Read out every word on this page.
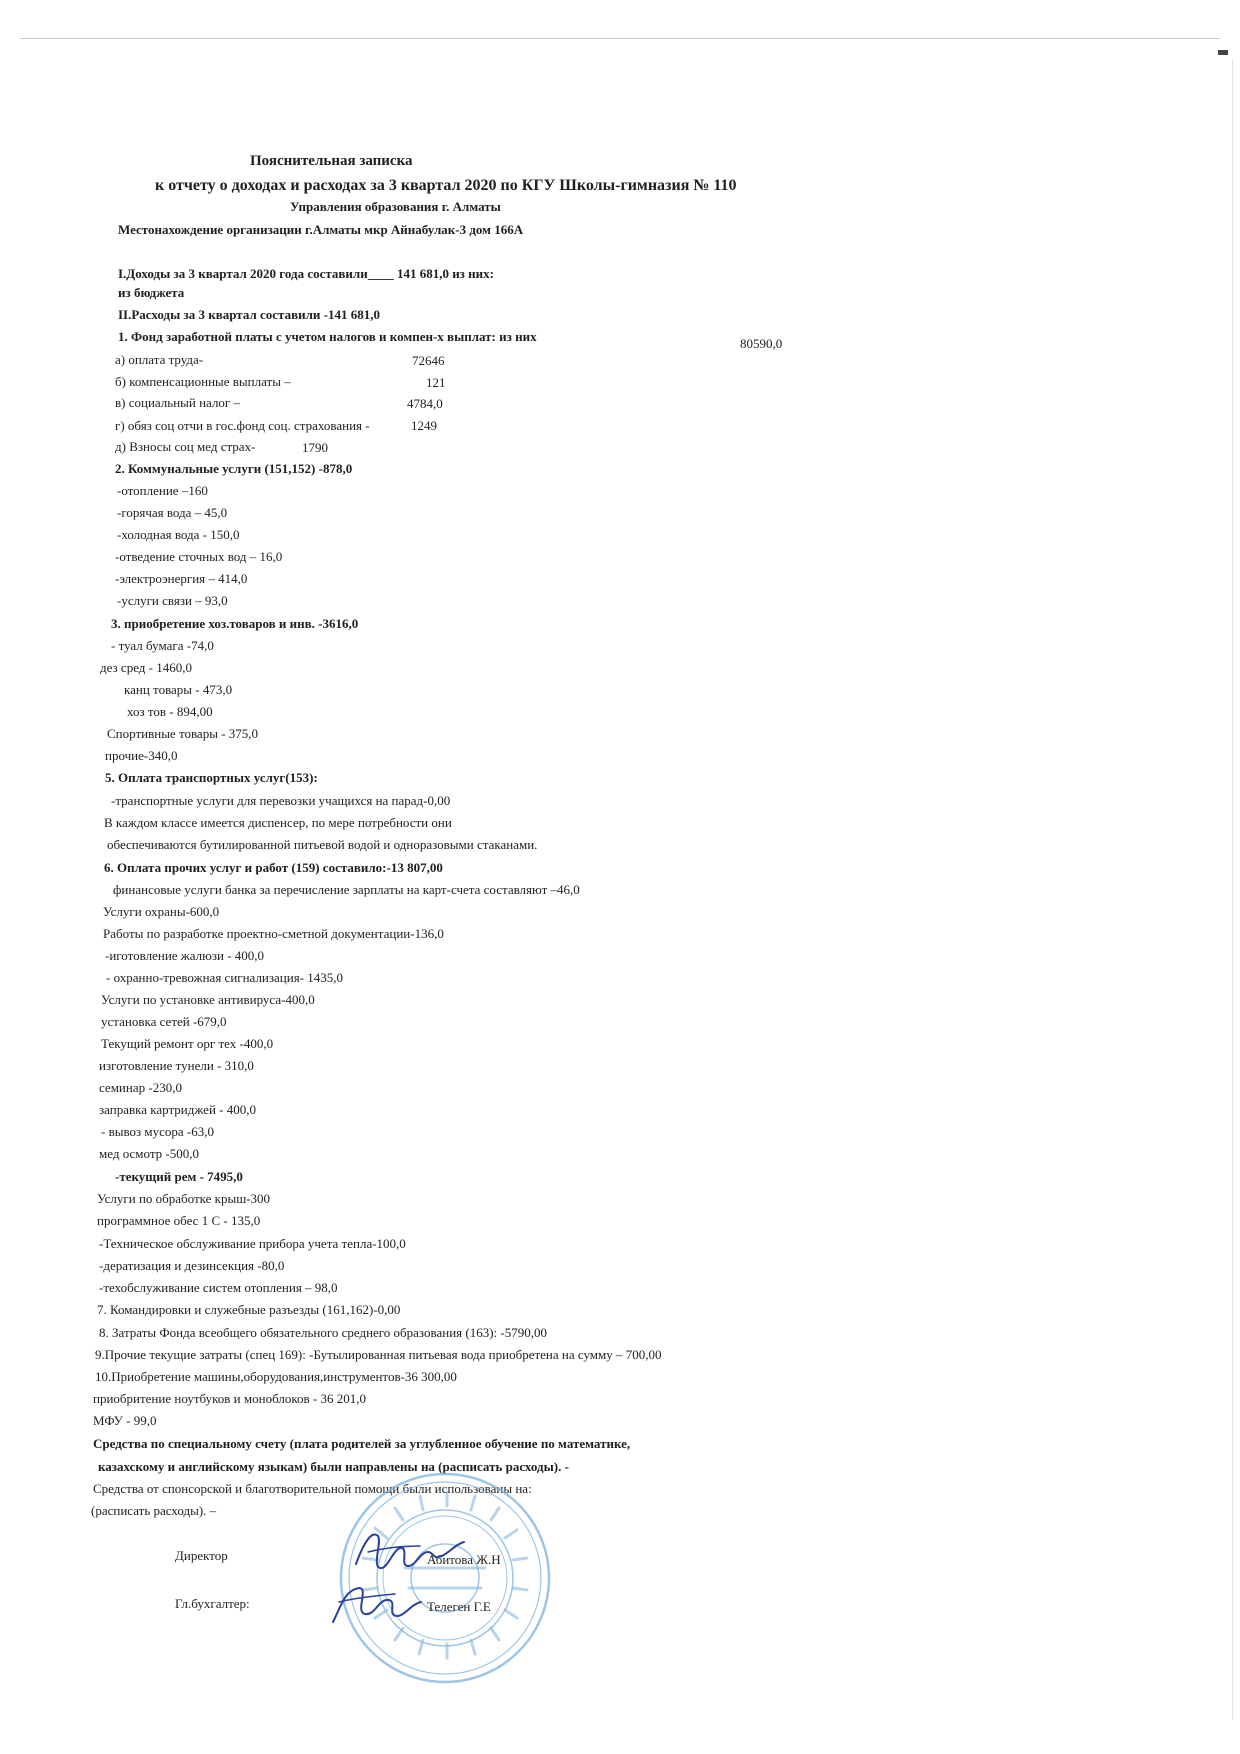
Пояснительная записка
к отчету о доходах и расходах за 3 квартал 2020 по КГУ Школы-гимназия № 110
Управления образования г. Алматы
Местонахождение организации г.Алматы мкр Айнабулак-3 дом 166А
I.Доходы за 3 квартал 2020 года составили____ 141 681,0 из них:
из бюджета
II.Расходы за 3 квартал составили -141 681,0
1. Фонд заработной платы с учетом налогов и компен-х выплат: из них	80590,0
а) оплата труда-	72646
б) компенсационные выплаты –	121
в) социальный налог –	4784,0
г) обяз соц отчи в гос.фонд соц. страхования -	1249
д) Взносы соц мед страх-	1790
2. Коммунальные услуги (151,152) -878,0
-отопление –160
-горячая вода – 45,0
-холодная вода - 150,0
-отведение сточных вод – 16,0
-электроэнергия – 414,0
-услуги связи – 93,0
3. приобретение хоз.товаров и инв. -3616,0
- туал бумага -74,0
дез сред - 1460,0
канц товары - 473,0
хоз тов - 894,00
Спортивные товары - 375,0
прочие-340,0
5. Оплата транспортных услуг(153):
-транспортные услуги для перевозки учащихся на парад-0,00
В каждом классе имеется диспенсер, по мере потребности они
обеспечиваются бутилированной питьевой водой и одноразовыми стаканами.
6. Оплата прочих услуг и работ (159) составило:-13 807,00
финансовые услуги банка за перечисление зарплаты на карт-счета составляют –46,0
Услуги охраны-600,0
Работы по разработке проектно-сметной документации-136,0
-иготовление жалюзи - 400,0
- охранно-тревожная сигнализация- 1435,0
Услуги по установке антивируса-400,0
установка сетей -679,0
Текущий ремонт орг тех -400,0
изготовление тунели - 310,0
семинар -230,0
заправка картриджей - 400,0
- вывоз мусора -63,0
мед осмотр -500,0
-текущий рем - 7495,0
Услуги по обработке крыш-300
программное обес 1 С - 135,0
-Техническое обслуживание прибора учета тепла-100,0
-дератизация и дезинсекция -80,0
-техобслуживание систем отопления – 98,0
7. Командировки и служебные разъезды (161,162)-0,00
8. Затраты Фонда всеобщего обязательного среднего образования (163): -5790,00
9.Прочие текущие затраты (спец 169): -Бутылированная питьевая вода приобретена на сумму – 700,00
10.Приобретение машины,оборудования,инструментов-36 300,00
приобритение ноутбуков и моноблоков - 36 201,0
МФУ - 99,0
Средства по специальному счету (плата родителей за углубленное обучение по математике,
казахскому и английскому языкам) были направлены на (расписать расходы). -
Средства от спонсорской и благотворительной помощи были использованы на:
(расписать расходы). –
Директор	Абитова Ж.Н
Гл.бухгалтер:	Телеген Г.Е
